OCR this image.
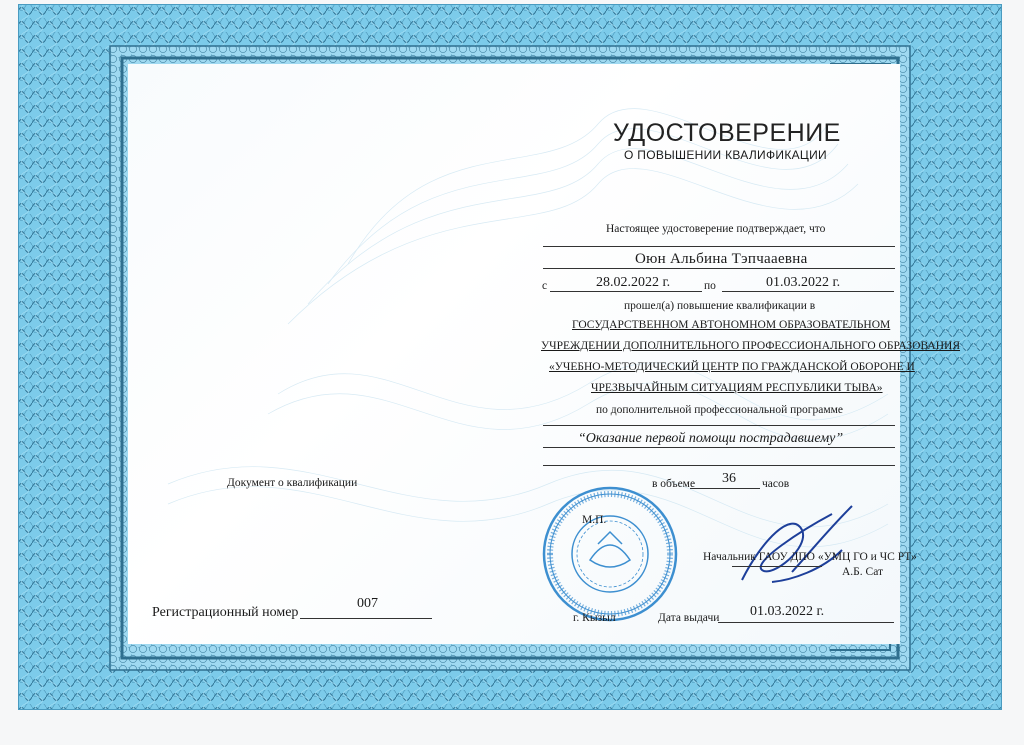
УДОСТОВЕРЕНИЕ
О ПОВЫШЕНИИ КВАЛИФИКАЦИИ
Настоящее удостоверение подтверждает, что
Оюн Альбина Тэпчааевна
с	28.02.2022 г.	по	01.03.2022 г.
прошел(а) повышение квалификации в
ГОСУДАРСТВЕННОМ АВТОНОМНОМ ОБРАЗОВАТЕЛЬНОМ
УЧРЕЖДЕНИИ ДОПОЛНИТЕЛЬНОГО ПРОФЕССИОНАЛЬНОГО ОБРАЗОВАНИЯ
«УЧЕБНО-МЕТОДИЧЕСКИЙ ЦЕНТР ПО ГРАЖДАНСКОЙ ОБОРОНЕ И
ЧРЕЗВЫЧАЙНЫМ СИТУАЦИЯМ РЕСПУБЛИКИ ТЫВА»
по дополнительной профессиональной программе
“Оказание первой помощи пострадавшему”
Документ о квалификации	в объеме 36 часов
М.П.
Начальник ГАОУ ДПО «УМЦ ГО и ЧС РТ»
А.Б. Сат
Регистрационный номер
007
г. Кызыл	Дата выдачи 01.03.2022 г.
